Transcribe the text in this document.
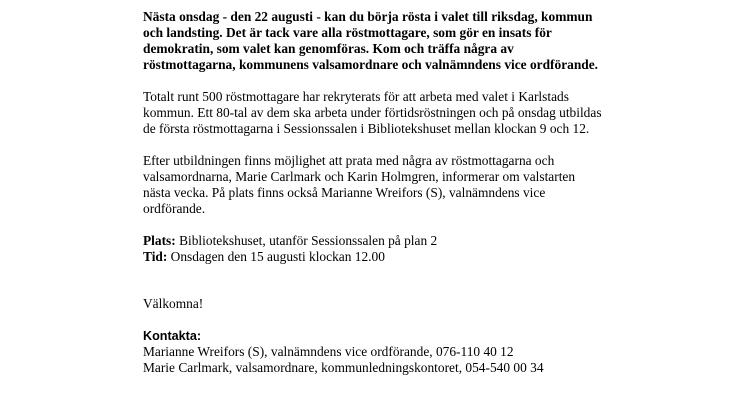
Nästa onsdag - den 22 augusti - kan du börja rösta i valet till riksdag, kommun och landsting. Det är tack vare alla röstmottagare, som gör en insats för demokratin, som valet kan genomföras. Kom och träffa några av röstmottagarna, kommunens valsamordnare och valnämndens vice ordförande.

Totalt runt 500 röstmottagare har rekryterats för att arbeta med valet i Karlstads kommun. Ett 80-tal av dem ska arbeta under förtidsröstningen och på onsdag utbildas de första röstmottagarna i Sessionssalen i Bibliotekshuset mellan klockan 9 och 12.

Efter utbildningen finns möjlighet att prata med några av röstmottagarna och valsamordnarna, Marie Carlmark och Karin Holmgren, informerar om valstarten nästa vecka. På plats finns också Marianne Wreifors (S), valnämndens vice ordförande.

Plats: Bibliotekshuset, utanför Sessionssalen på plan 2

Tid: Onsdagen den 15 augusti klockan 12.00

Välkomna!

Kontakta:

Marianne Wreifors (S), valnämndens vice ordförande, 076-110 40 12

Marie Carlmark, valsamordnare, kommunledningskontoret, 054-540 00 34
